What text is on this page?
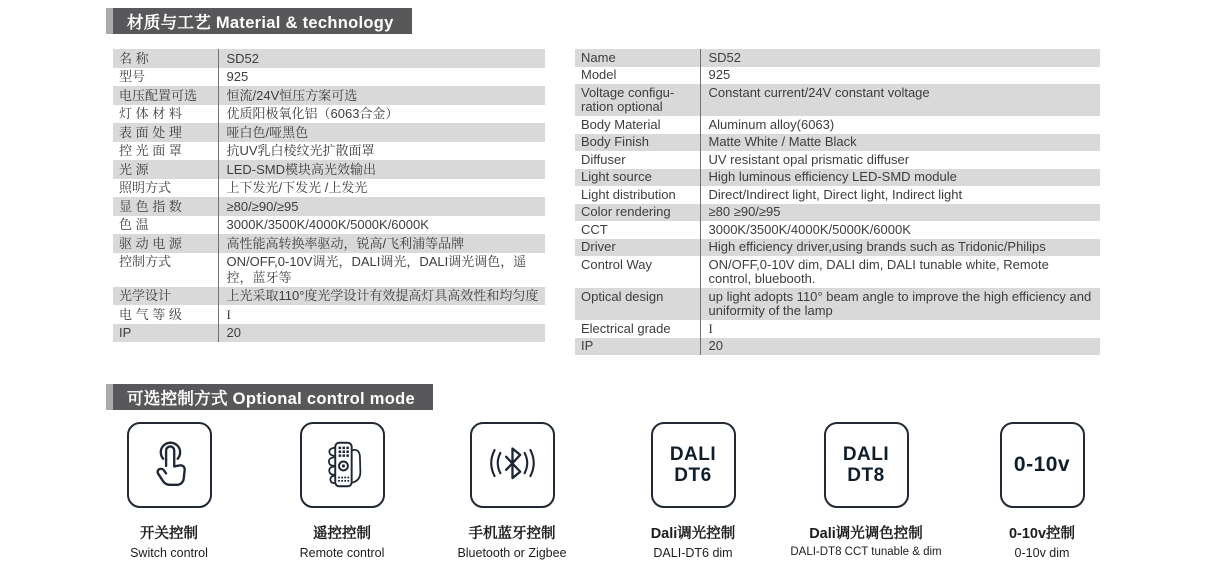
材质与工艺 Material & technology
名 称	SD52
型号	925
电压配置可选	恒流/24V恒压方案可选
灯 体 材 料	优质阳极氧化铝（6063合金）
表 面 处 理	哑白色/哑黑色
控 光 面 罩	抗UV乳白棱纹光扩散面罩
光 源	LED-SMD模块高光效输出
照明方式	上下发光/下发光 /上发光
显 色 指 数	≥80/≥90/≥95
色 温	3000K/3500K/4000K/5000K/6000K
驱 动 电 源	高性能高转换率驱动，锐高/飞利浦等品牌
控制方式	ON/OFF,0-10V调光，DALI调光，DALI调光调色，遥控，蓝牙等
光学设计	上光采取110°度光学设计有效提高灯具高效性和均匀度
电 气 等 级	I
IP	20
Name	SD52
Model	925
Voltage configu-ration optional	Constant current/24V constant voltage
Body Material	Aluminum alloy(6063)
Body Finish	Matte White / Matte Black
Diffuser	UV resistant opal prismatic diffuser
Light source	High luminous efficiency LED-SMD module
Light distribution	Direct/Indirect light, Direct light, Indirect light
Color rendering	≥80 ≥90/≥95
CCT	3000K/3500K/4000K/5000K/6000K
Driver	High efficiency driver,using brands such as Tridonic/Philips
Control Way	ON/OFF,0-10V dim, DALI dim, DALI tunable white, Remote control, bluebooth.
Optical design	up light adopts 110° beam angle to improve the high efficiency and uniformity of the lamp
Electrical grade	I
IP	20
可选控制方式 Optional control mode
开关控制
Switch control
遥控控制
Remote control
手机蓝牙控制
Bluetooth or Zigbee
DALI
DT6
Dali调光控制
DALI-DT6 dim
DALI
DT8
Dali调光调色控制
DALI-DT8 CCT tunable & dim
0-10v
0-10v控制
0-10v dim
